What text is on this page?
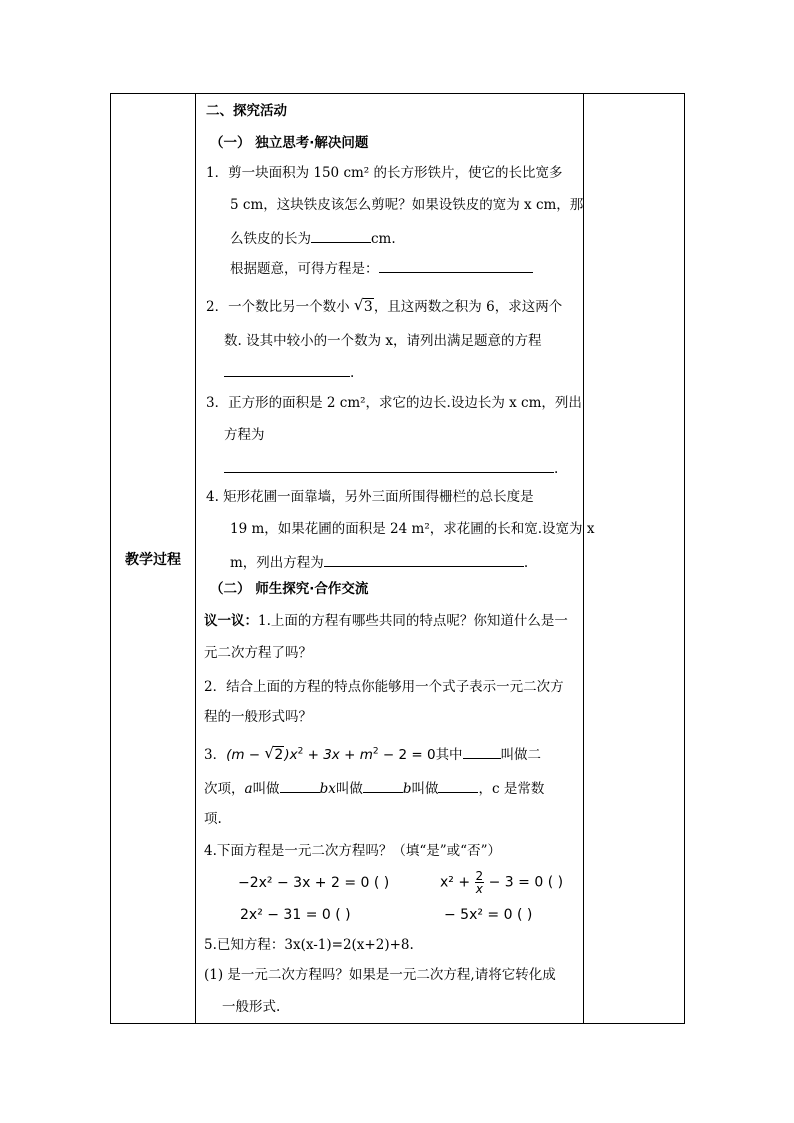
教学过程	
二、探究活动
（一） 独立思考·解决问题
1．剪一块面积为 150 cm² 的长方形铁片，使它的长比宽多
5 cm，这块铁皮该怎么剪呢？如果设铁皮的宽为 x cm，那
么铁皮的长为	cm.
根据题意，可得方程是：
2．一个数比另一个数小 √ 3，且这两数之积为 6，求这两个
数. 设其中较小的一个数为 x，请列出满足题意的方程
.
3．正方形的面积是 2 cm²，求它的边长.设边长为 x cm，列出
方程为
.
4. 矩形花圃一面靠墙，另外三面所围得栅栏的总长度是
19 m，如果花圃的面积是 24 m²，求花圃的长和宽.设宽为 x
m，列出方程为	.
（二） 师生探究·合作交流
议一议：1.上面的方程有哪些共同的特点呢？你知道什么是一
元二次方程了吗？
2．结合上面的方程的特点你能够用一个式子表示一元二次方
程的一般形式吗？
3．(m − √ $2)x^2 + 3x + m^2 - 2 = 0$其中	叫做二
次项，a叫做	bx叫做	b叫做	，c 是常数
项.
4.下面方程是一元二次方程吗？（填“是”或“否”）
−2x² − 3x + 2 = 0 ( )	$x^2 + \frac{2}{x} - 3 = 0$ ( )
2x² − 31 = 0 ( )	− 5x² = 0 ( )
5.已知方程：3x(x-1)=2(x+2)+8.
(1) 是一元二次方程吗？如果是一元二次方程,请将它转化成
一般形式.
